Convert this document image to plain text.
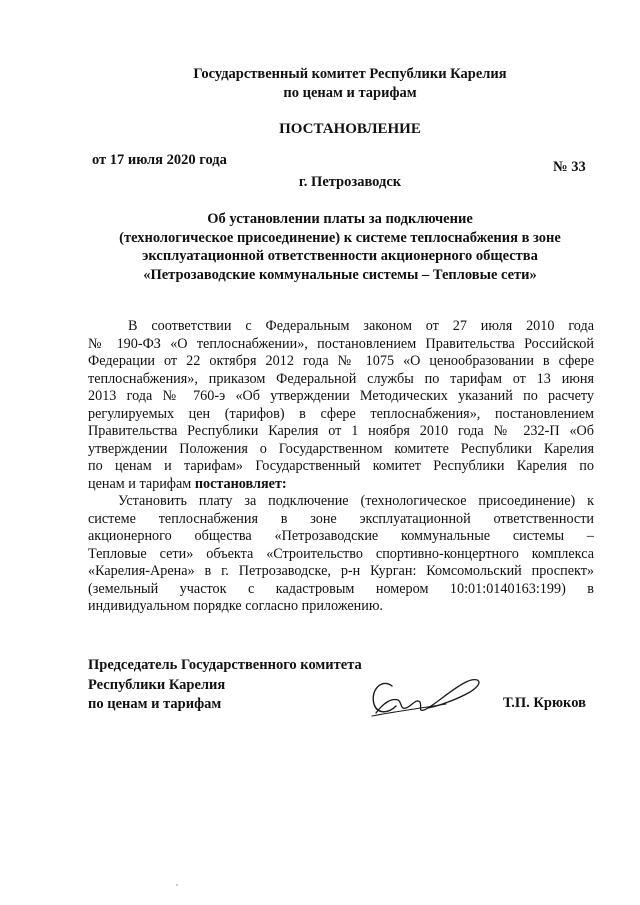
Государственный комитет Республики Карелия
по ценам и тарифам
ПОСТАНОВЛЕНИЕ
от 17 июля 2020 года	№ 33
г. Петрозаводск
Об установлении платы за подключение
(технологическое присоединение) к системе теплоснабжения в зоне
эксплуатационной ответственности акционерного общества
«Петрозаводские коммунальные системы – Тепловые сети»
В соответствии с Федеральным законом от 27 июля 2010 года
№ 190-ФЗ «О теплоснабжении», постановлением Правительства Российской
Федерации от 22 октября 2012 года № 1075 «О ценообразовании в сфере
теплоснабжения», приказом Федеральной службы по тарифам от 13 июня
2013 года № 760-э «Об утверждении Методических указаний по расчету
регулируемых цен (тарифов) в сфере теплоснабжения», постановлением
Правительства Республики Карелия от 1 ноября 2010 года № 232-П «Об
утверждении Положения о Государственном комитете Республики Карелия
по ценам и тарифам» Государственный комитет Республики Карелия по
ценам и тарифам постановляет:
Установить плату за подключение (технологическое присоединение) к
системе теплоснабжения в зоне эксплуатационной ответственности
акционерного общества «Петрозаводские коммунальные системы –
Тепловые сети» объекта «Строительство спортивно-концертного комплекса
«Карелия-Арена» в г. Петрозаводске, р-н Курган: Комсомольский проспект»
(земельный участок с кадастровым номером 10:01:0140163:199) в
индивидуальном порядке согласно приложению.
Председатель Государственного комитета
Республики Карелия
по ценам и тарифам	Т.П. Крюков
